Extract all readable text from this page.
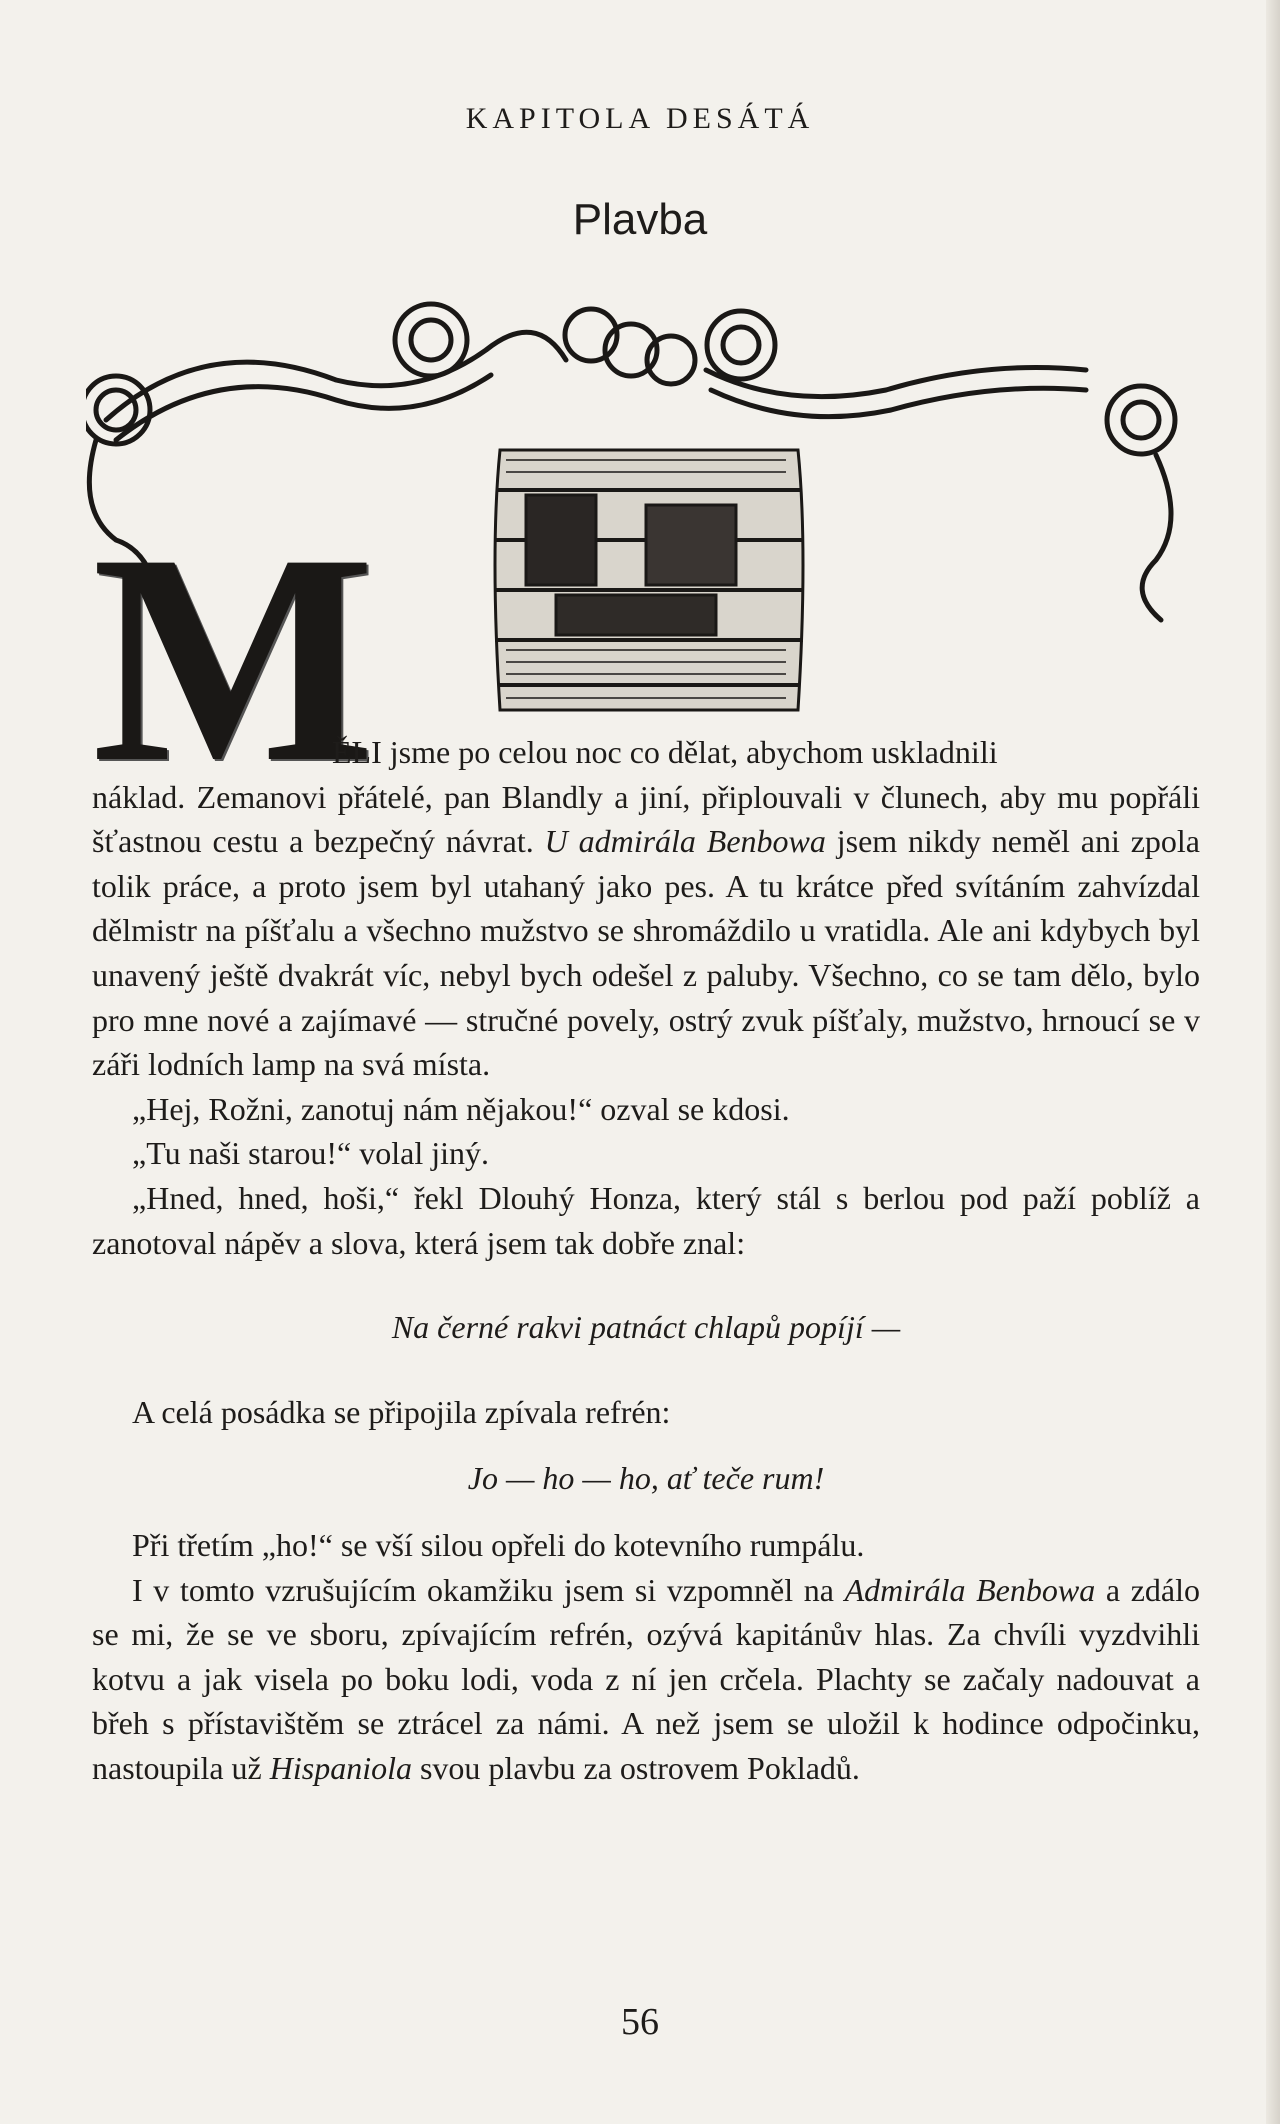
KAPITOLA DESÁTÁ
Plavba
M

ĚLI jsme po celou noc co dělat, abychom uskladnili

náklad. Zemanovi přátelé, pan Blandly a jiní, připlouvali v člunech, aby mu popřáli šťastnou cestu a bezpečný návrat. U admirála Benbowa jsem nikdy neměl ani zpola tolik práce, a proto jsem byl utahaný jako pes. A tu krátce před svítáním zahvízdal dělmistr na píšťalu a všechno mužstvo se shromáždilo u vratidla. Ale ani kdybych byl unavený ještě dvakrát víc, nebyl bych odešel z paluby. Všechno, co se tam dělo, bylo pro mne nové a zajímavé — stručné povely, ostrý zvuk píšťaly, mužstvo, hrnoucí se v záři lodních lamp na svá místa.

„Hej, Rožni, zanotuj nám nějakou!“ ozval se kdosi.

„Tu naši starou!“ volal jiný.

„Hned, hned, hoši,“ řekl Dlouhý Honza, který stál s berlou pod paží poblíž a zanotoval nápěv a slova, která jsem tak dobře znal:

Na černé rakvi patnáct chlapů popíjí —

A celá posádka se připojila zpívala refrén:

Jo — ho — ho, ať teče rum!

Při třetím „ho!“ se vší silou opřeli do kotevního rumpálu.

I v tomto vzrušujícím okamžiku jsem si vzpomněl na Admirála Benbowa a zdálo se mi, že se ve sboru, zpívajícím refrén, ozývá kapitánův hlas. Za chvíli vyzdvihli kotvu a jak visela po boku lodi, voda z ní jen crčela. Plachty se začaly nadouvat a břeh s přístavištěm se ztrácel za námi. A než jsem se uložil k hodince odpočinku, nastoupila už Hispaniola svou plavbu za ostrovem Pokladů.

56
